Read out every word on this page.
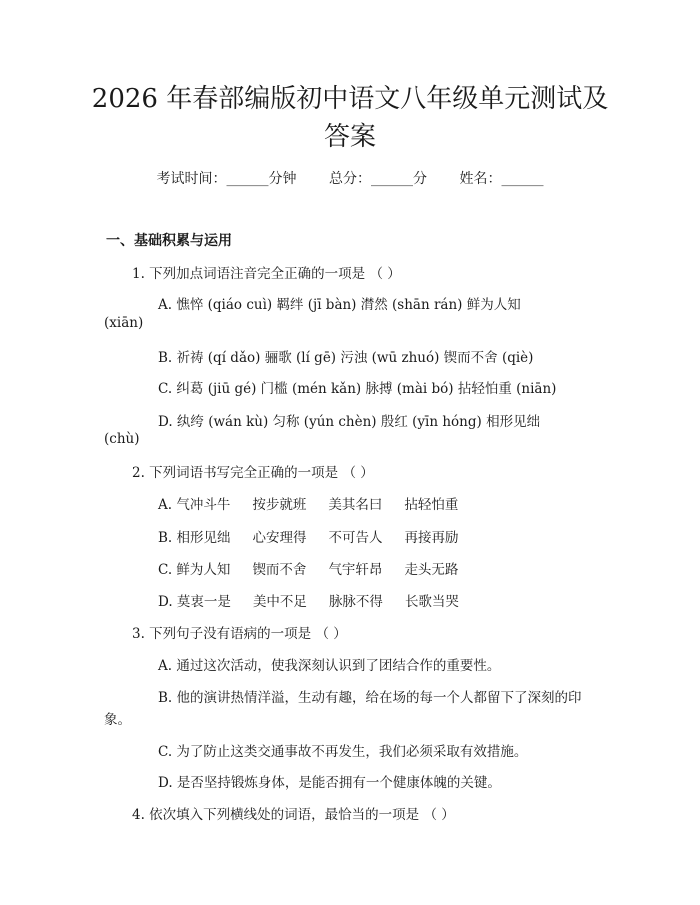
2026 年春部编版初中语文八年级单元测试及
答案
考试时间：______分钟 总分：______分 姓名：______
一、基础积累与运用
1. 下列加点词语注音完全正确的一项是 （ ）
A. 憔悴 (qiáo cuì) 羁绊 (jī bàn) 潸然 (shān rán) 鲜为人知
(xiān)
B. 祈祷 (qí dǎo) 骊歌 (lí gē) 污浊 (wū zhuó) 锲而不舍 (qiè)
C. 纠葛 (jiū gé) 门槛 (mén kǎn) 脉搏 (mài bó) 拈轻怕重 (niān)
D. 纨绔 (wán kù) 匀称 (yún chèn) 殷红 (yīn hóng) 相形见绌
(chù)
2. 下列词语书写完全正确的一项是 （ ）
A. 气冲斗牛 按步就班 美其名曰 拈轻怕重
B. 相形见绌 心安理得 不可告人 再接再励
C. 鲜为人知 锲而不舍 气宇轩昂 走头无路
D. 莫衷一是 美中不足 脉脉不得 长歌当哭
3. 下列句子没有语病的一项是 （ ）
A. 通过这次活动，使我深刻认识到了团结合作的重要性。
B. 他的演讲热情洋溢，生动有趣，给在场的每一个人都留下了深刻的印
象。
C. 为了防止这类交通事故不再发生，我们必须采取有效措施。
D. 是否坚持锻炼身体，是能否拥有一个健康体魄的关键。
4. 依次填入下列横线处的词语，最恰当的一项是 （ ）
